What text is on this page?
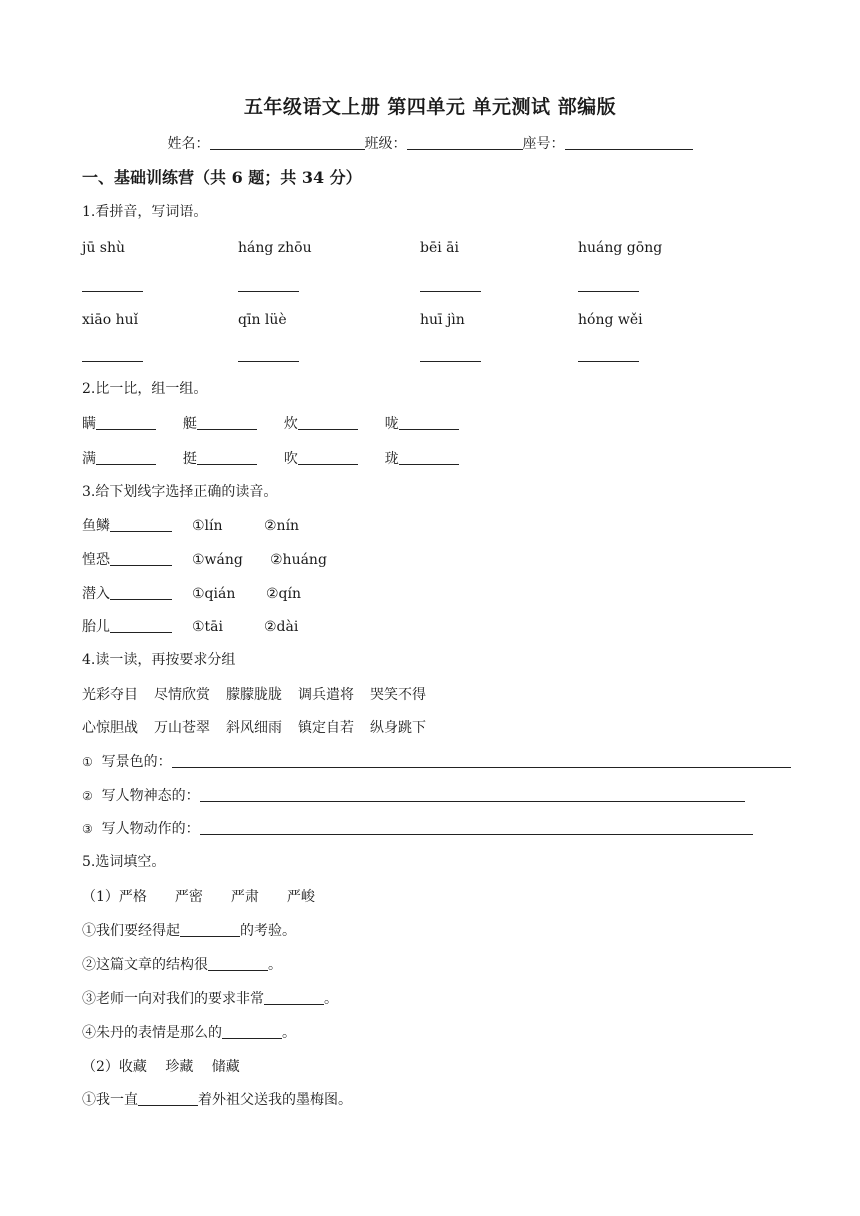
五年级语文上册 第四单元 单元测试 部编版
姓名：	班级：	座号：
一、基础训练营（共 6 题；共 34 分）
1.看拼音，写词语。
jū shù	háng zhōu	bēi āi	huáng gōng
xiāo huǐ	qīn lüè	huī jìn	hóng wěi
2.比一比，组一组。
瞒	艇	炊	咙
满	挺	吹	珑
3.给下划线字选择正确的读音。
鱼鳞	①lín	②nín
惶恐	①wáng ②huáng
潜入	①qián ②qín
胎儿	①tāi	②dài
4.读一读，再按要求分组
光彩夺目 尽情欣赏 朦朦胧胧 调兵遣将 哭笑不得
心惊胆战 万山苍翠 斜风细雨 镇定自若 纵身跳下
① 写景色的：
② 写人物神态的：
③ 写人物动作的：
5.选词填空。
（1）严格　　严密　　严肃　　严峻
①我们要经得起	的考验。
②这篇文章的结构很	。
③老师一向对我们的要求非常	。
④朱丹的表情是那么的	。
（2）收藏　 珍藏　 储藏
①我一直	着外祖父送我的墨梅图。
